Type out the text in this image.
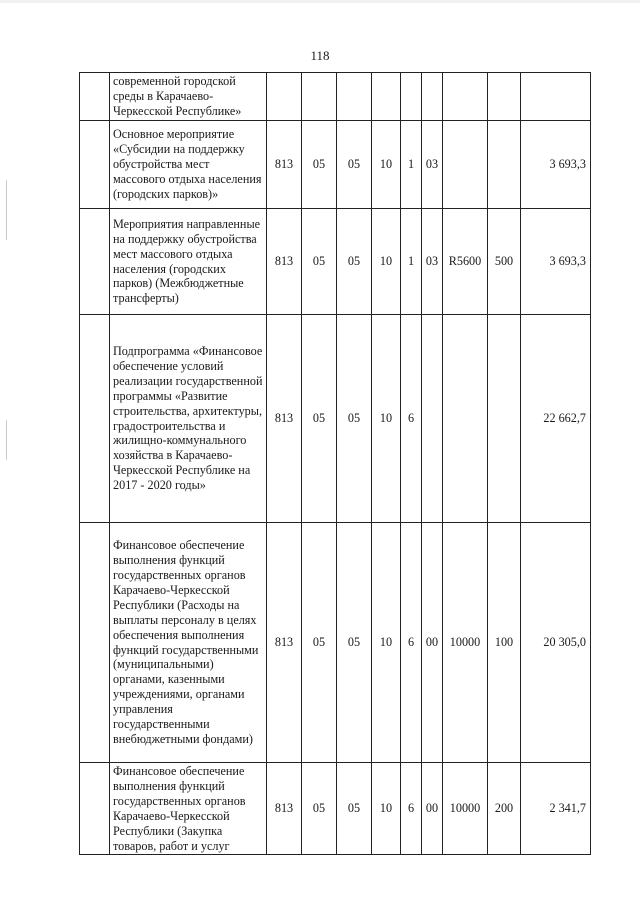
118
	современной городской среды в Карачаево-Черкесской Республике»									
	Основное мероприятие «Субсидии на поддержку обустройства мест массового отдыха населения (городских парков)»	813	05	05	10	1	03			3 693,3
	Мероприятия направленные на поддержку обустройства мест массового отдыха населения (городских парков) (Межбюджетные трансферты)	813	05	05	10	1	03	R5600	500	3 693,3
	Подпрограмма «Финансовое обеспечение условий реализации государственной программы «Развитие строительства, архитектуры, градостроительства и жилищно-коммунального хозяйства в Карачаево-Черкесской Республике на 2017 - 2020 годы»	813	05	05	10	6				22 662,7
	Финансовое обеспечение выполнения функций государственных органов Карачаево-Черкесской Республики (Расходы на выплаты персоналу в целях обеспечения выполнения функций государственными (муниципальными) органами, казенными учреждениями, органами управления государственными внебюджетными фондами)	813	05	05	10	6	00	10000	100	20 305,0
	Финансовое обеспечение выполнения функций государственных органов Карачаево-Черкесской Республики (Закупка товаров, работ и услуг	813	05	05	10	6	00	10000	200	2 341,7
